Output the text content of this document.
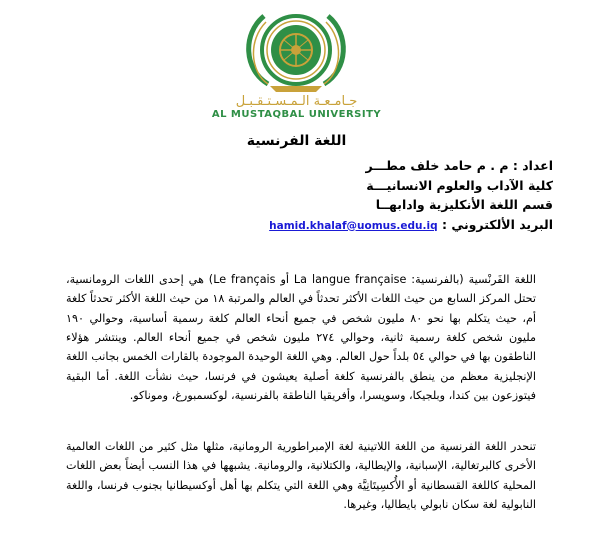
جـامـعـة الـمـسـتـقـبـل
AL MUSTAQBAL UNIVERSITY
اللغة الفرنسية
اعداد : م . م حامد خلف مطـــر
كلية الآداب والعلوم الانسانيـــة
قسم اللغة الأنكليزية وادابهــا
البريد الألكتروني : hamid.khalaf@uomus.edu.iq

اللغة الفَرنْسية (بالفرنسية: La langue française أو Le français) هي إحدى اللغات الرومانسية، تحتل المركز السابع من حيث اللغات الأكثر تحدثاً في العالم والمرتبة ١٨ من حيث اللغة الأكثر تحدثاً كلغة أم، حيث يتكلم بها نحو ٨٠ مليون شخص في جميع أنحاء العالم كلغة رسمية أساسية، وحوالي ١٩٠ مليون شخص كلغة رسمية ثانية، وحوالي ٢٧٤ مليون شخص في جميع أنحاء العالم. وينتشر هؤلاء الناطقون بها في حوالي ٥٤ بلداً حول العالم. وهي اللغة الوحيدة الموجودة بالقارات الخمس بجانب اللغة الإنجليزية معظم من ينطق بالفرنسية كلغة أصلية يعيشون في فرنسا، حيث نشأت اللغة. أما البقية فيتوزعون بين كندا، وبلجيكا، وسويسرا، وأفريقيا الناطقة بالفرنسية، لوكسمبورغ، وموناكو.

تنحدر اللغة الفرنسية من اللغة اللاتينية لغة الإمبراطورية الرومانية، مثلها مثل كثير من اللغات العالمية الأخرى كالبرتغالية، الإسبانية، والإيطالية، والكتلانية، والرومانية. يشبهها في هذا النسب أيضاً بعض اللغات المحلية كاللغة القسطانية أو الأُكسِيتَانِيَّة وهي اللغة التي يتكلم بها أهل أوكسيطانيا بجنوب فرنسا، واللغة النابولية لغة سكان نابولي بايطاليا، وغيرها.
